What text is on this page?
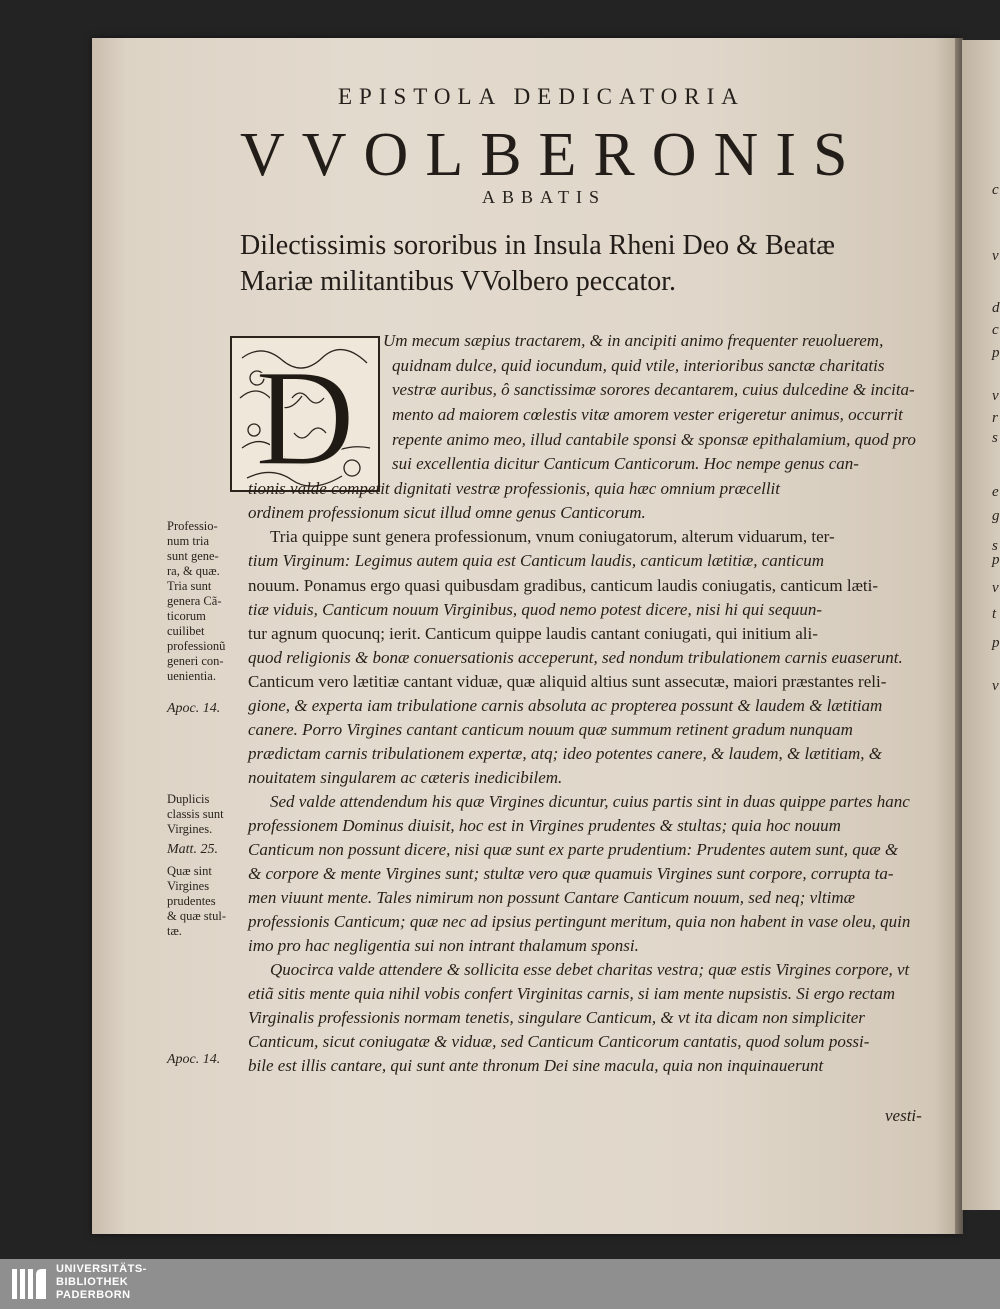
EPISTOLA DEDICATORIA
VVOLBERONIS
ABBATIS
Dilectissimis sororibus in Insula Rheni Deo & Beatæ
Mariæ militantibus VVolbero peccator.
D
Um mecum sæpius tractarem, & in ancipiti animo frequenter reuoluerem,
quidnam dulce, quid iocundum, quid vtile, interioribus sanctæ charitatis
vestræ auribus, ô sanctissimæ sorores decantarem, cuius dulcedine & incita-
mento ad maiorem cœlestis vitæ amorem vester erigeretur animus, occurrit
repente animo meo, illud cantabile sponsi & sponsæ epithalamium, quod pro
sui excellentia dicitur Canticum Canticorum. Hoc nempe genus can-
tionis valde competit dignitati vestræ professionis, quia hæc omnium præcellit
ordinem professionum sicut illud omne genus Canticorum.
Tria quippe sunt genera professionum, vnum coniugatorum, alterum viduarum, ter-
tium Virginum: Legimus autem quia est Canticum laudis, canticum lætitiæ, canticum
nouum. Ponamus ergo quasi quibusdam gradibus, canticum laudis coniugatis, canticum læti-
tiæ viduis, Canticum nouum Virginibus, quod nemo potest dicere, nisi hi qui sequun-
tur agnum quocunq; ierit. Canticum quippe laudis cantant coniugati, qui initium ali-
quod religionis & bonæ conuersationis acceperunt, sed nondum tribulationem carnis euaserunt.
Canticum vero lætitiæ cantant viduæ, quæ aliquid altius sunt assecutæ, maiori præstantes reli-
gione, & experta iam tribulatione carnis absoluta ac propterea possunt & laudem & lætitiam
canere. Porro Virgines cantant canticum nouum quæ summum retinent gradum nunquam
prædictam carnis tribulationem expertæ, atq; ideo potentes canere, & laudem, & lætitiam, &
nouitatem singularem ac cæteris inedicibilem.
Sed valde attendendum his quæ Virgines dicuntur, cuius partis sint in duas quippe partes hanc
professionem Dominus diuisit, hoc est in Virgines prudentes & stultas; quia hoc nouum
Canticum non possunt dicere, nisi quæ sunt ex parte prudentium: Prudentes autem sunt, quæ &
& corpore & mente Virgines sunt; stultæ vero quæ quamuis Virgines sunt corpore, corrupta ta-
men viuunt mente. Tales nimirum non possunt Cantare Canticum nouum, sed neq; vltimæ
professionis Canticum; quæ nec ad ipsius pertingunt meritum, quia non habent in vase oleu, quin
imo pro hac negligentia sui non intrant thalamum sponsi.
Quocirca valde attendere & sollicita esse debet charitas vestra; quæ estis Virgines corpore, vt
etiã sitis mente quia nihil vobis confert Virginitas carnis, si iam mente nupsistis. Si ergo rectam
Virginalis professionis normam tenetis, singulare Canticum, & vt ita dicam non simpliciter
Canticum, sicut coniugatæ & viduæ, sed Canticum Canticorum cantatis, quod solum possi-
bile est illis cantare, qui sunt ante thronum Dei sine macula, quia non inquinauerunt
Professio-
num tria
sunt gene-
ra, & quæ.
Tria sunt
genera Cã-
ticorum
cuilibet
professionũ
generi con-
uenientia.
Apoc. 14.
Duplicis
classis sunt
Virgines.
Matt. 25.
Quæ sint
Virgines
prudentes
& quæ stul-
tæ.
Apoc. 14.
c
v
d
c
p
v
r
s
e
g
s
p
v
t
p
v
vesti-
UNIVERSITÄTS-
BIBLIOTHEK
PADERBORN
